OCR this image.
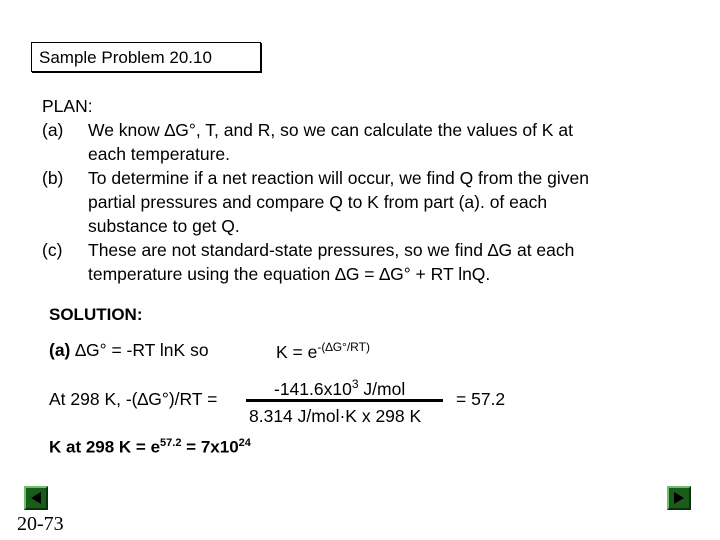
Sample Problem 20.10
PLAN:
(a)	We know ∆G°, T, and R, so we can calculate the values of K at
each temperature.
(b)	To determine if a net reaction will occur, we find Q from the given
partial pressures and compare Q to K from part (a). of each
substance to get Q.
(c)	These are not standard-state pressures, so we find ∆G at each
temperature using the equation ∆G = ∆G° + RT lnQ.
SOLUTION:
(a) ∆G° = -RT lnK so	$K = e^{-(\Delta G^\circ/RT)}$
At 298 K, -(∆G°)/RT =
$-141.6x10^3$ J/mol
8.314 J/mol·K x 298 K
= 57.2
K at 298 $K = e^{57.2} = 7x10^{24}$
20-73
